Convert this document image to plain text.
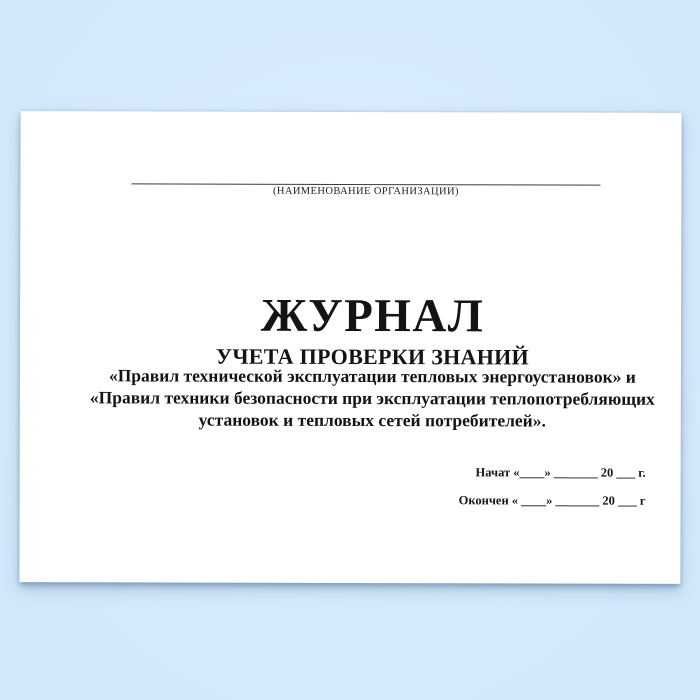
(НАИМЕНОВАНИЕ ОРГАНИЗАЦИИ)
ЖУРНАЛ
УЧЕТА ПРОВЕРКИ ЗНАНИЙ
«Правил технической эксплуатации тепловых энергоустановок» и
«Правил техники безопасности при эксплуатации теплопотребляющих
установок и тепловых сетей потребителей».
Начат «____» _______ 20 ___ г.
Окончен « ____» _______ 20 ___ г
